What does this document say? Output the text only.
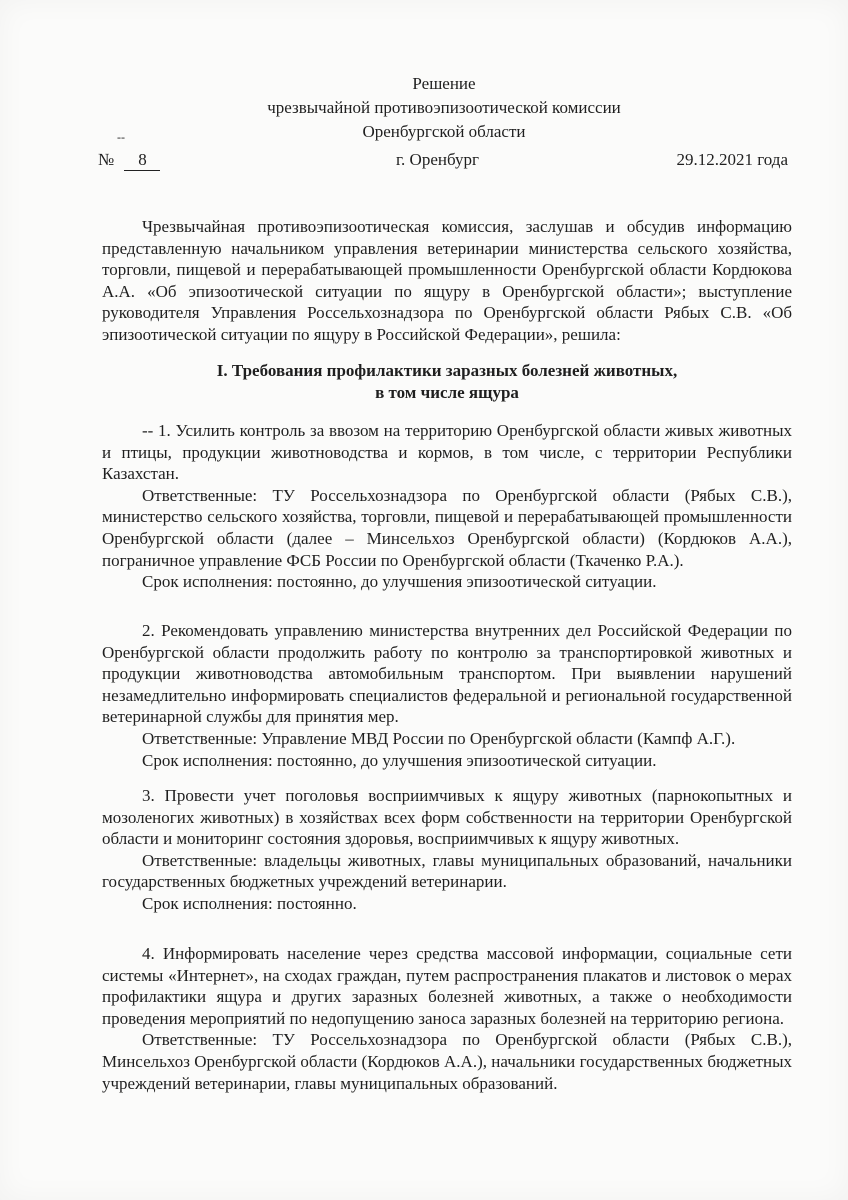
Решение
чрезвычайной противоэпизоотической комиссии
Оренбургской области
--
№ 8	г. Оренбург	29.12.2021 года

Чрезвычайная противоэпизоотическая комиссия, заслушав и обсудив информацию представленную начальником управления ветеринарии министерства сельского хозяйства, торговли, пищевой и перерабатывающей промышленности Оренбургской области Кордюкова А.А. «Об эпизоотической ситуации по ящуру в Оренбургской области»; выступление руководителя Управления Россельхознадзора по Оренбургской области Рябых С.В. «Об эпизоотической ситуации по ящуру в Российской Федерации», решила:

I. Требования профилактики заразных болезней животных,
в том числе ящура

-- 1. Усилить контроль за ввозом на территорию Оренбургской области живых животных и птицы, продукции животноводства и кормов, в том числе, с территории Республики Казахстан.

Ответственные: ТУ Россельхознадзора по Оренбургской области (Рябых С.В.), министерство сельского хозяйства, торговли, пищевой и перерабатывающей промышленности Оренбургской области (далее – Минсельхоз Оренбургской области) (Кордюков А.А.), пограничное управление ФСБ России по Оренбургской области (Ткаченко Р.А.).

Срок исполнения: постоянно, до улучшения эпизоотической ситуации.

2. Рекомендовать управлению министерства внутренних дел Российской Федерации по Оренбургской области продолжить работу по контролю за транспортировкой животных и продукции животноводства автомобильным транспортом. При выявлении нарушений незамедлительно информировать специалистов федеральной и региональной государственной ветеринарной службы для принятия мер.

Ответственные: Управление МВД России по Оренбургской области (Кампф А.Г.).

Срок исполнения: постоянно, до улучшения эпизоотической ситуации.

3. Провести учет поголовья восприимчивых к ящуру животных (парнокопытных и мозоленогих животных) в хозяйствах всех форм собственности на территории Оренбургской области и мониторинг состояния здоровья, восприимчивых к ящуру животных.

Ответственные: владельцы животных, главы муниципальных образований, начальники государственных бюджетных учреждений ветеринарии.

Срок исполнения: постоянно.

4. Информировать население через средства массовой информации, социальные сети системы «Интернет», на сходах граждан, путем распространения плакатов и листовок о мерах профилактики ящура и других заразных болезней животных, а также о необходимости проведения мероприятий по недопущению заноса заразных болезней на территорию региона.

Ответственные: ТУ Россельхознадзора по Оренбургской области (Рябых С.В.), Минсельхоз Оренбургской области (Кордюков А.А.), начальники государственных бюджетных учреждений ветеринарии, главы муниципальных образований.
